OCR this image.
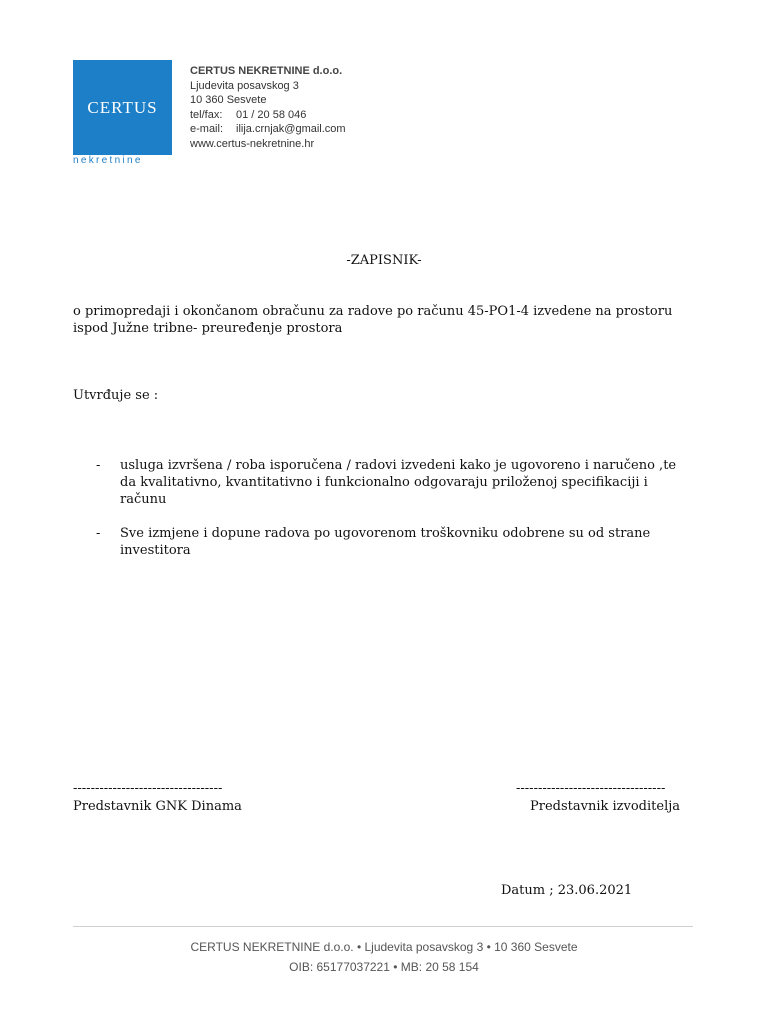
CERTUS
nekretnine
CERTUS NEKRETNINE d.o.o.
Ljudevita posavskog 3
10 360 Sesvete
tel/fax: 01 / 20 58 046
e-mail: ilija.crnjak@gmail.com
www.certus-nekretnine.hr
-ZAPISNIK-
o primopredaji i okončanom obračunu za radove po računu 45-PO1-4 izvedene na prostoru
ispod Južne tribne- preuređenje prostora
Utvrđuje se :
- usluga izvršena / roba isporučena / radovi izvedeni kako je ugovoreno i naručeno ,te da kvalitativno, kvantitativno i funkcionalno odgovaraju priloženoj specifikaciji i računu
- Sve izmjene i dopune radova po ugovorenom troškovniku odobrene su od strane investitora
----------------------------------
Predstavnik GNK Dinama
----------------------------------
Predstavnik izvoditelja
Datum ; 23.06.2021
CERTUS NEKRETNINE d.o.o. • Ljudevita posavskog 3 • 10 360 Sesvete
OIB: 65177037221 • MB: 20 58 154
